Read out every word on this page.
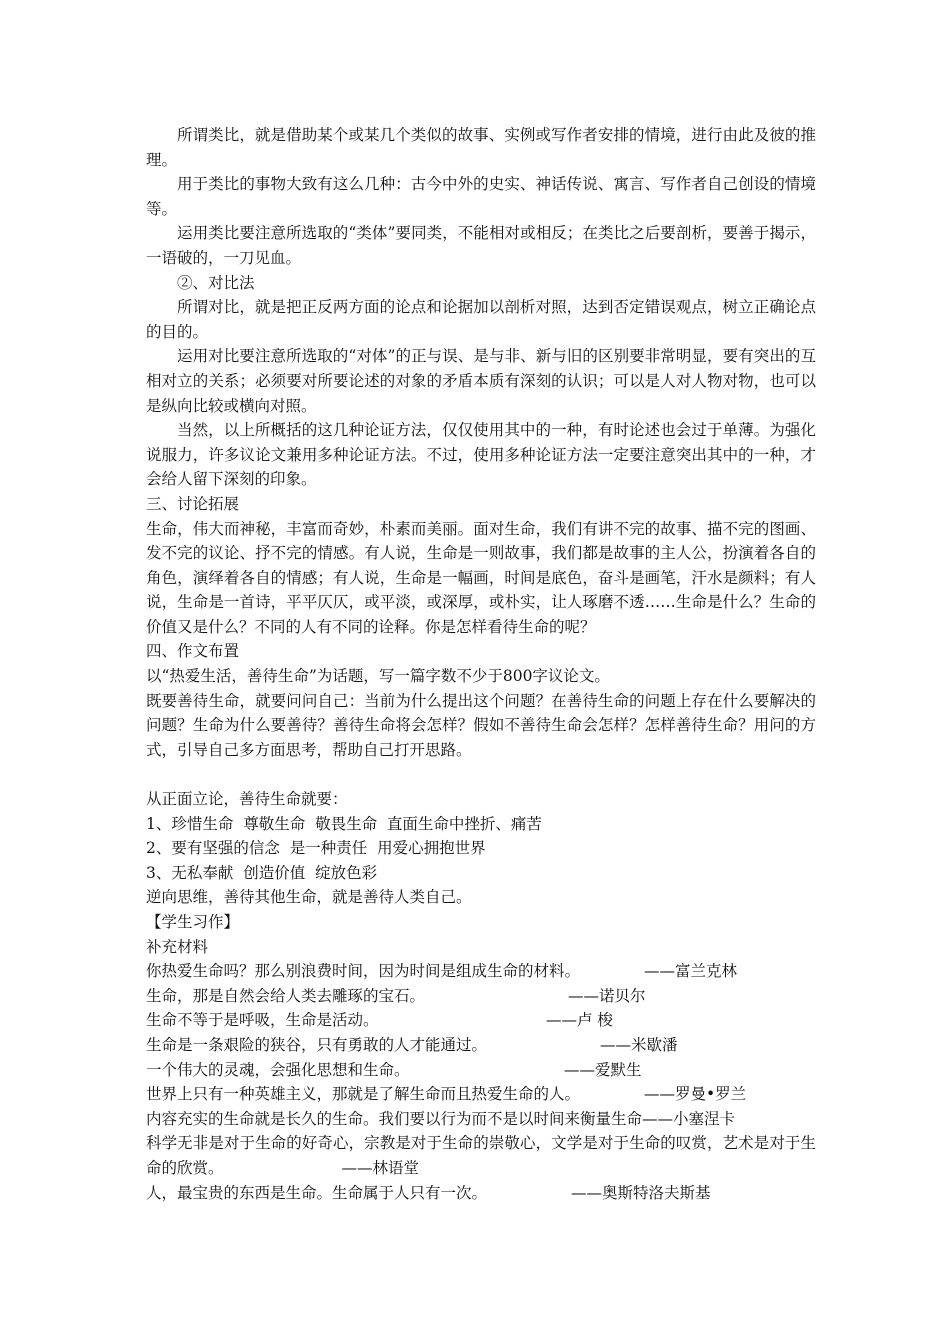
所谓类比，就是借助某个或某几个类似的故事、实例或写作者安排的情境，进行由此及彼的推理。

用于类比的事物大致有这么几种：古今中外的史实、神话传说、寓言、写作者自己创设的情境等。

运用类比要注意所选取的“类体”要同类，不能相对或相反；在类比之后要剖析，要善于揭示，一语破的，一刀见血。

②、对比法

所谓对比，就是把正反两方面的论点和论据加以剖析对照，达到否定错误观点，树立正确论点的目的。

运用对比要注意所选取的“对体”的正与误、是与非、新与旧的区别要非常明显，要有突出的互相对立的关系；必须要对所要论述的对象的矛盾本质有深刻的认识；可以是人对人物对物，也可以是纵向比较或横向对照。

当然，以上所概括的这几种论证方法，仅仅使用其中的一种，有时论述也会过于单薄。为强化说服力，许多议论文兼用多种论证方法。不过，使用多种论证方法一定要注意突出其中的一种，才会给人留下深刻的印象。

三、讨论拓展

生命，伟大而神秘，丰富而奇妙，朴素而美丽。面对生命，我们有讲不完的故事、描不完的图画、发不完的议论、抒不完的情感。有人说，生命是一则故事，我们都是故事的主人公，扮演着各自的角色，演绎着各自的情感；有人说，生命是一幅画，时间是底色，奋斗是画笔，汗水是颜料；有人说，生命是一首诗，平平仄仄，或平淡，或深厚，或朴实，让人琢磨不透……生命是什么？生命的价值又是什么？不同的人有不同的诠释。你是怎样看待生命的呢？

四、作文布置

以“热爱生活，善待生命”为话题，写一篇字数不少于800字议论文。

既要善待生命，就要问问自己：当前为什么提出这个问题？在善待生命的问题上存在什么要解决的问题？生命为什么要善待？善待生命将会怎样？假如不善待生命会怎样？怎样善待生命？用问的方式，引导自己多方面思考，帮助自己打开思路。

从正面立论，善待生命就要：

1、珍惜生命  尊敬生命  敬畏生命  直面生命中挫折、痛苦

2、要有坚强的信念  是一种责任  用爱心拥抱世界

3、无私奉献  创造价值  绽放色彩

逆向思维，善待其他生命，就是善待人类自己。

【学生习作】

补充材料

你热爱生命吗？那么别浪费时间，因为时间是组成生命的材料。	——富兰克林
生命，那是自然会给人类去雕琢的宝石。	——诺贝尔
生命不等于是呼吸，生命是活动。	——卢 梭
生命是一条艰险的狭谷，只有勇敢的人才能通过。	——米歇潘
一个伟大的灵魂，会强化思想和生命。	——爱默生
世界上只有一种英雄主义，那就是了解生命而且热爱生命的人。	——罗曼•罗兰

内容充实的生命就是长久的生命。我们要以行为而不是以时间来衡量生命——小塞涅卡

科学无非是对于生命的好奇心，宗教是对于生命的崇敬心，文学是对于生命的叹赏，艺术是对于生命的欣赏。	——林语堂

人，最宝贵的东西是生命。生命属于人只有一次。	——奥斯特洛夫斯基
